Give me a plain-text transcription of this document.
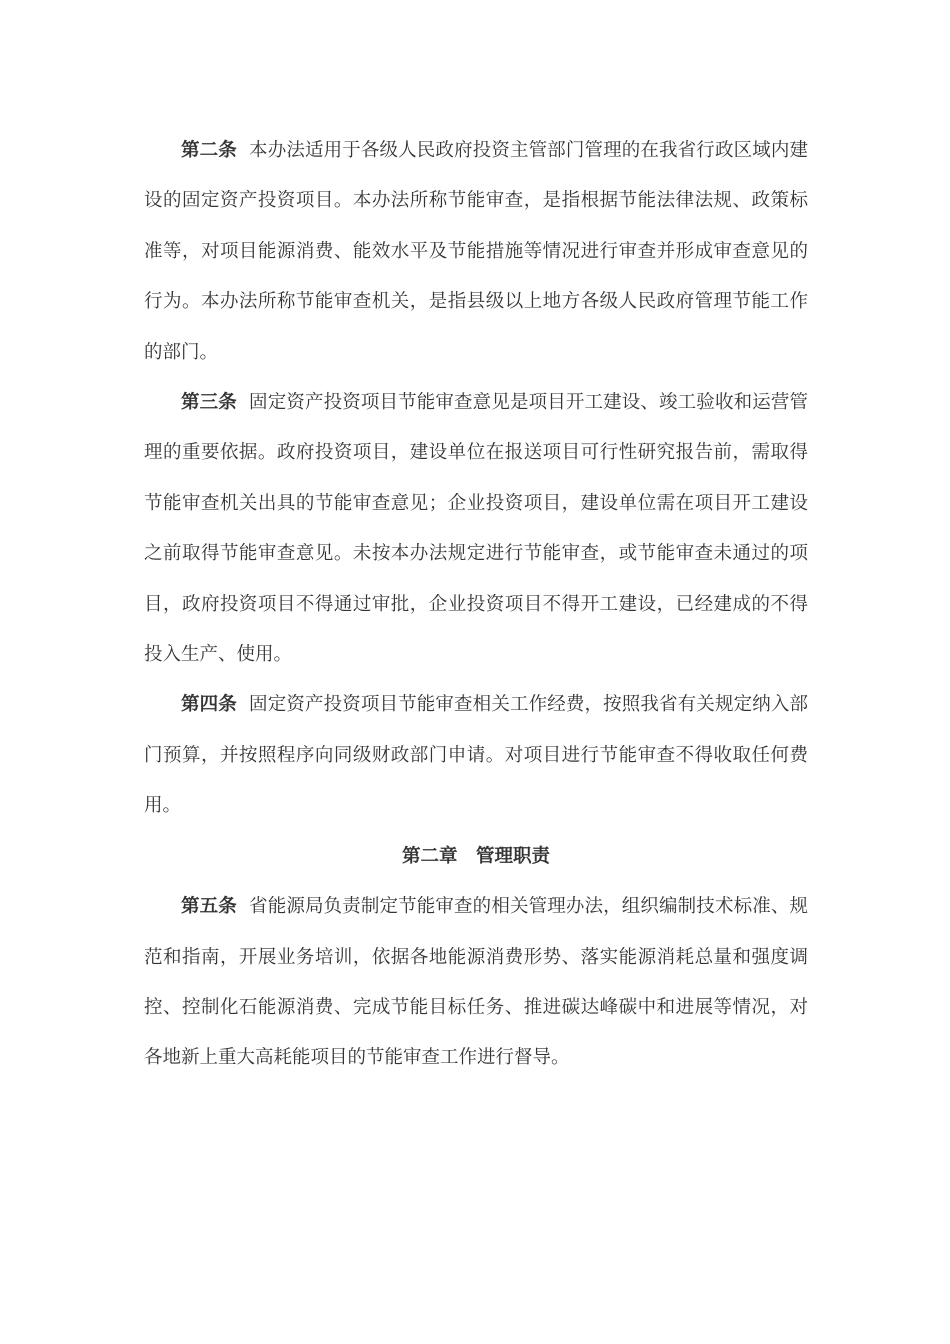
第二条 本办法适用于各级人民政府投资主管部门管理的在我省行政区域内建设的固定资产投资项目。本办法所称节能审查，是指根据节能法律法规、政策标准等，对项目能源消费、能效水平及节能措施等情况进行审查并形成审查意见的行为。本办法所称节能审查机关，是指县级以上地方各级人民政府管理节能工作的部门。

第三条 固定资产投资项目节能审查意见是项目开工建设、竣工验收和运营管理的重要依据。政府投资项目，建设单位在报送项目可行性研究报告前，需取得节能审查机关出具的节能审查意见；企业投资项目，建设单位需在项目开工建设之前取得节能审查意见。未按本办法规定进行节能审查，或节能审查未通过的项目，政府投资项目不得通过审批，企业投资项目不得开工建设，已经建成的不得投入生产、使用。

第四条 固定资产投资项目节能审查相关工作经费，按照我省有关规定纳入部门预算，并按照程序向同级财政部门申请。对项目进行节能审查不得收取任何费用。

第二章　管理职责

第五条 省能源局负责制定节能审查的相关管理办法，组织编制技术标准、规范和指南，开展业务培训，依据各地能源消费形势、落实能源消耗总量和强度调控、控制化石能源消费、完成节能目标任务、推进碳达峰碳中和进展等情况，对各地新上重大高耗能项目的节能审查工作进行督导。
